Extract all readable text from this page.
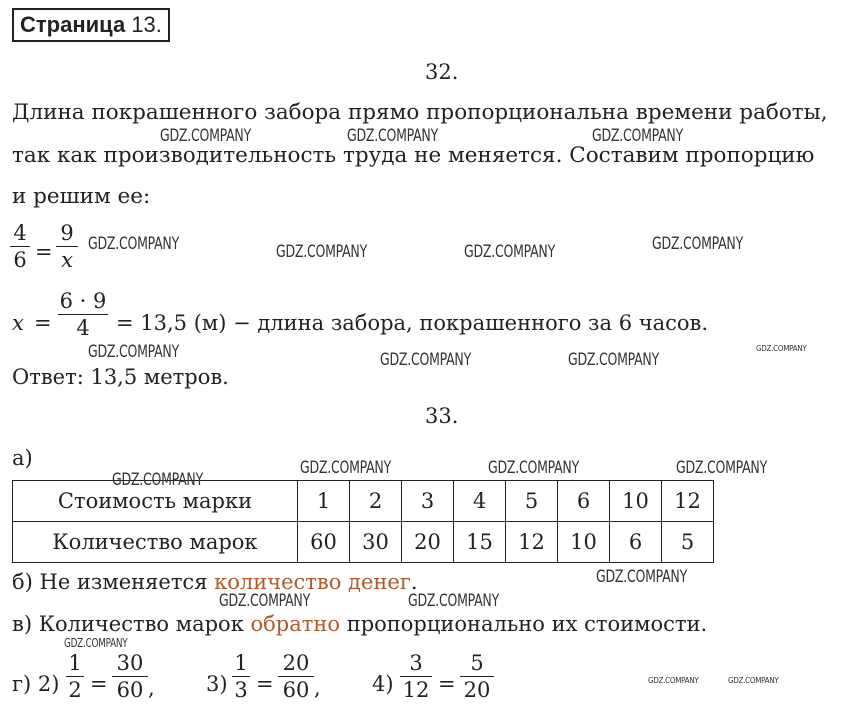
Страница 13.
32.
Длина покрашенного забора прямо пропорциональна времени работы,
так как производительность труда не меняется. Составим пропорцию
и решим ее:
4
6 =
9
x
x =
6 · 9
4	= 13,5 (м) − длина забора, покрашенного за 6 часов.
Ответ: 13,5 метров.
33.
а)
Стоимость марки	1	2	3	4	5	6	10	12
Количество марок	60	30	20	15	12	10	6	5
б) Не изменяется количество денег.
в) Количество марок обратно пропорционально их стоимости.
г) 2)
1
2 =
30
60 , 3)
1
3 =
20
60 , 4)
3
12 =
5
20
GDZ.COMPANY	GDZ.COMPANY	GDZ.COMPANY
GDZ.COMPANY	GDZ.COMPANY	GDZ.COMPANY	GDZ.COMPANY
GDZ.COMPANY	GDZ.COMPANY	GDZ.COMPANY
GDZ.COMPANY
GDZ.COMPANY
GDZ.COMPANY	GDZ.COMPANY	GDZ.COMPANY
GDZ.COMPANY
GDZ.COMPANY	GDZ.COMPANY
GDZ.COMPANY
GDZ.COMPANY	GDZ.COMPANY
